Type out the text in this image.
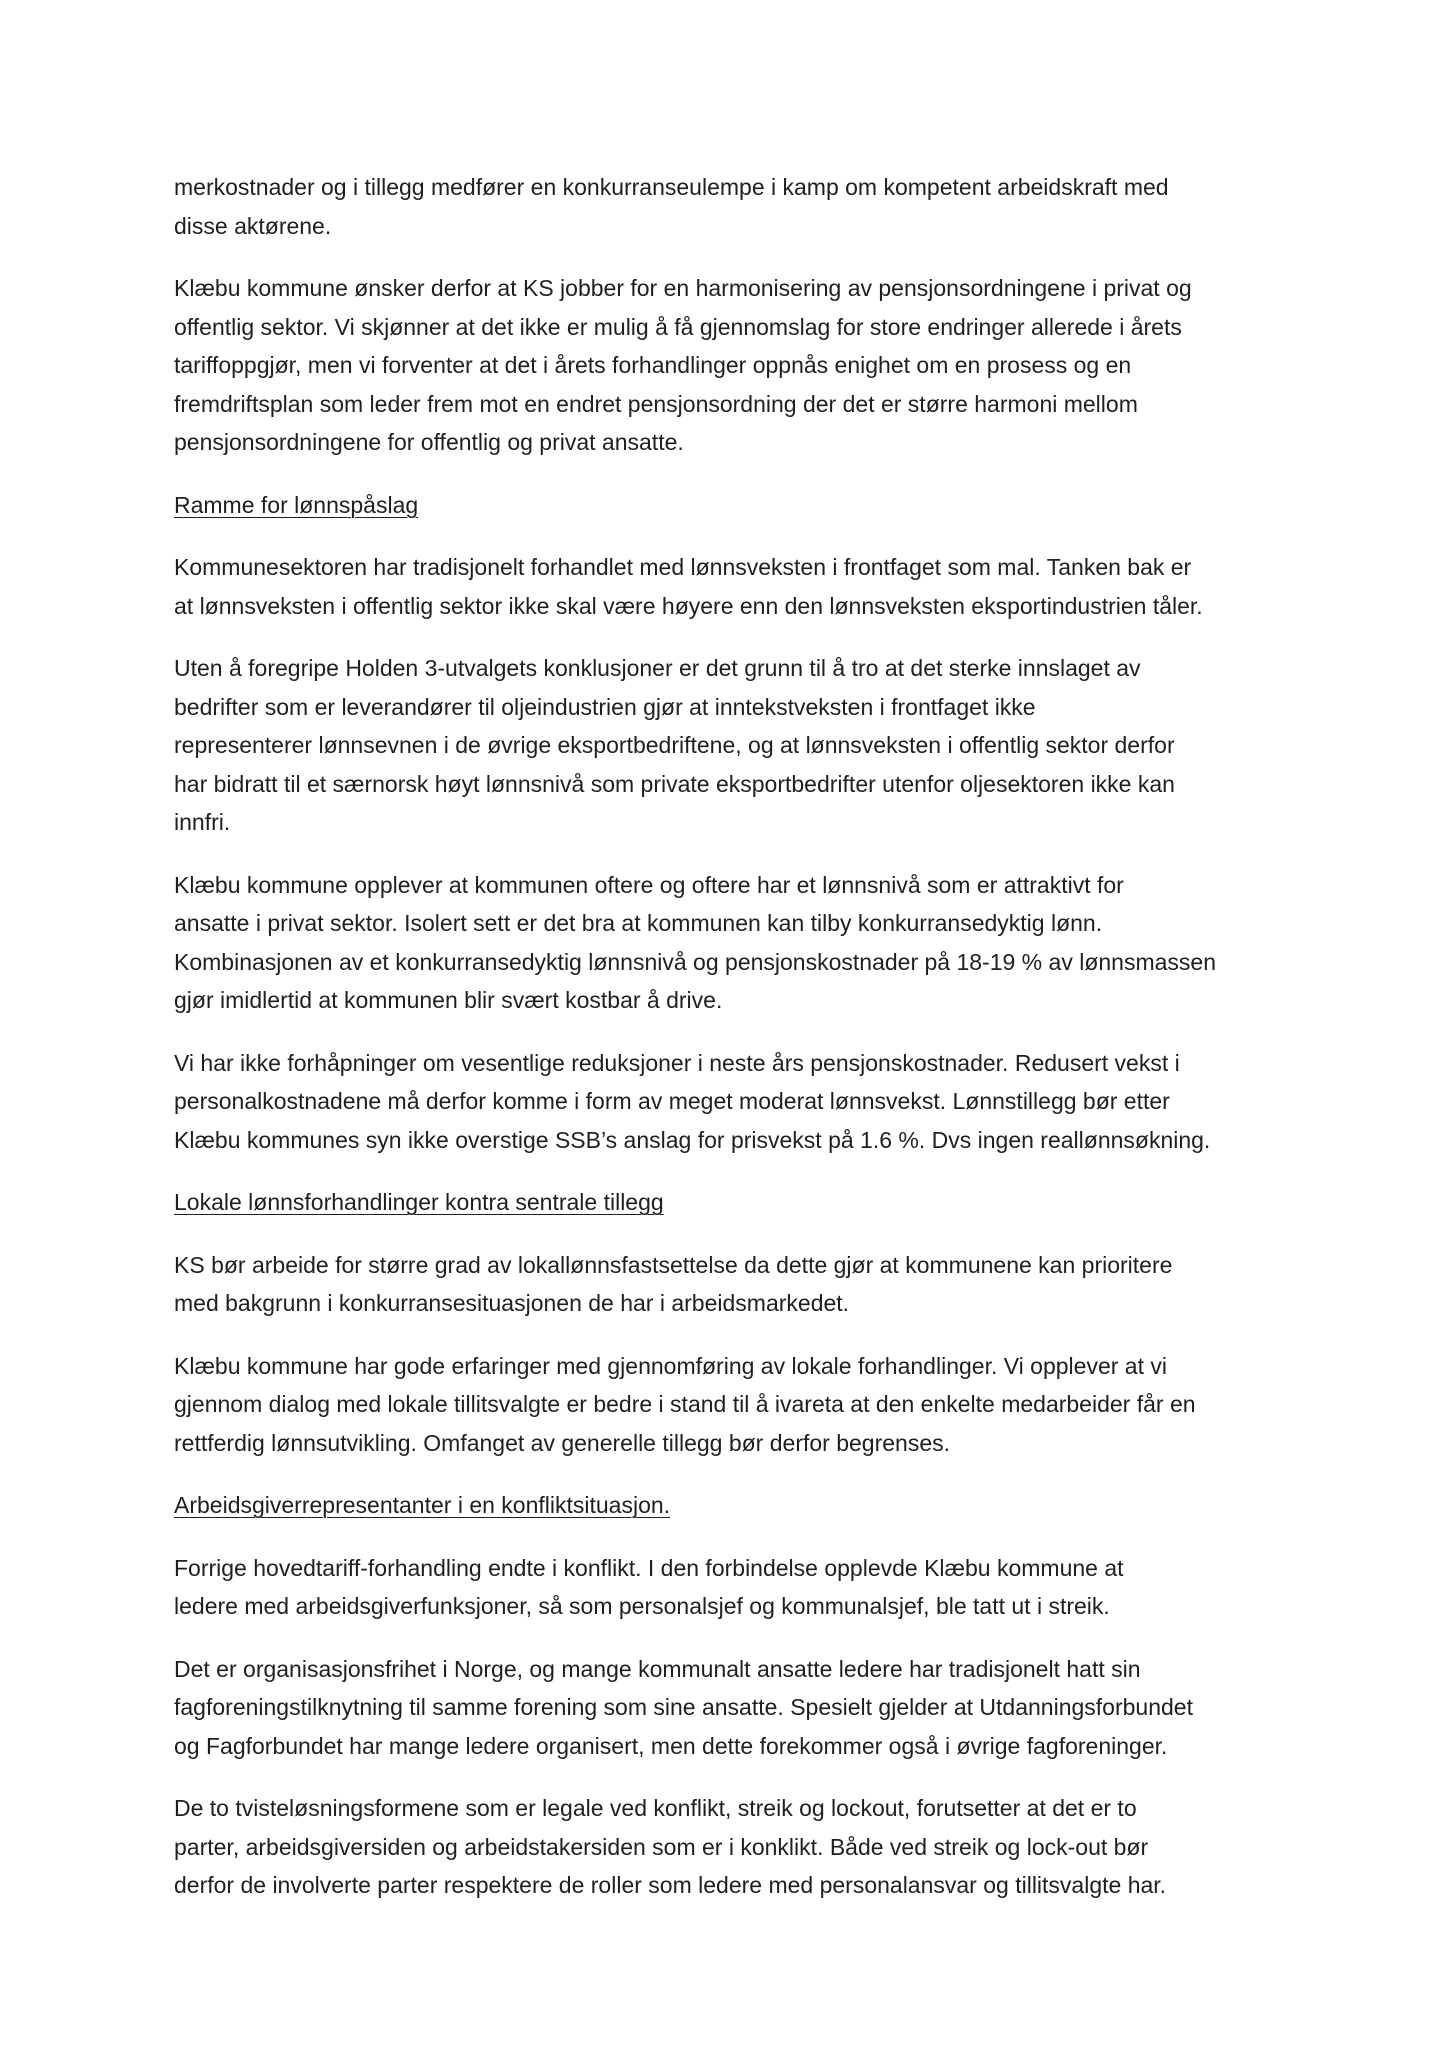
merkostnader og i tillegg medfører en konkurranseulempe i kamp om kompetent arbeidskraft med
disse aktørene.
Klæbu kommune ønsker derfor at KS jobber for en harmonisering av pensjonsordningene i privat og
offentlig sektor. Vi skjønner at det ikke er mulig å få gjennomslag for store endringer allerede i årets
tariffoppgjør, men vi forventer at det i årets forhandlinger oppnås enighet om en prosess og en
fremdriftsplan som leder frem mot en endret pensjonsordning der det er større harmoni mellom
pensjonsordningene for offentlig og privat ansatte.
Ramme for lønnspåslag
Kommunesektoren har tradisjonelt forhandlet med lønnsveksten i frontfaget som mal. Tanken bak er
at lønnsveksten i offentlig sektor ikke skal være høyere enn den lønnsveksten eksportindustrien tåler.
Uten å foregripe Holden 3-utvalgets konklusjoner er det grunn til å tro at det sterke innslaget av
bedrifter som er leverandører til oljeindustrien gjør at inntekstveksten i frontfaget ikke
representerer lønnsevnen i de øvrige eksportbedriftene, og at lønnsveksten i offentlig sektor derfor
har bidratt til et særnorsk høyt lønnsnivå som private eksportbedrifter utenfor oljesektoren ikke kan
innfri.
Klæbu kommune opplever at kommunen oftere og oftere har et lønnsnivå som er attraktivt for
ansatte i privat sektor. Isolert sett er det bra at kommunen kan tilby konkurransedyktig lønn.
Kombinasjonen av et konkurransedyktig lønnsnivå og pensjonskostnader på 18-19 % av lønnsmassen
gjør imidlertid at kommunen blir svært kostbar å drive.
Vi har ikke forhåpninger om vesentlige reduksjoner i neste års pensjonskostnader. Redusert vekst i
personalkostnadene må derfor komme i form av meget moderat lønnsvekst. Lønnstillegg bør etter
Klæbu kommunes syn ikke overstige SSB’s anslag for prisvekst på 1.6 %. Dvs ingen reallønnsøkning.
Lokale lønnsforhandlinger kontra sentrale tillegg
KS bør arbeide for større grad av lokallønnsfastsettelse da dette gjør at kommunene kan prioritere
med bakgrunn i konkurransesituasjonen de har i arbeidsmarkedet.
Klæbu kommune har gode erfaringer med gjennomføring av lokale forhandlinger. Vi opplever at vi
gjennom dialog med lokale tillitsvalgte er bedre i stand til å ivareta at den enkelte medarbeider får en
rettferdig lønnsutvikling. Omfanget av generelle tillegg bør derfor begrenses.
Arbeidsgiverrepresentanter i en konfliktsituasjon.
Forrige hovedtariff-forhandling endte i konflikt. I den forbindelse opplevde Klæbu kommune at
ledere med arbeidsgiverfunksjoner, så som personalsjef og kommunalsjef, ble tatt ut i streik.
Det er organisasjonsfrihet i Norge, og mange kommunalt ansatte ledere har tradisjonelt hatt sin
fagforeningstilknytning til samme forening som sine ansatte. Spesielt gjelder at Utdanningsforbundet
og Fagforbundet har mange ledere organisert, men dette forekommer også i øvrige fagforeninger.
De to tvisteløsningsformene som er legale ved konflikt, streik og lockout, forutsetter at det er to
parter, arbeidsgiversiden og arbeidstakersiden som er i konklikt. Både ved streik og lock-out bør
derfor de involverte parter respektere de roller som ledere med personalansvar og tillitsvalgte har.
